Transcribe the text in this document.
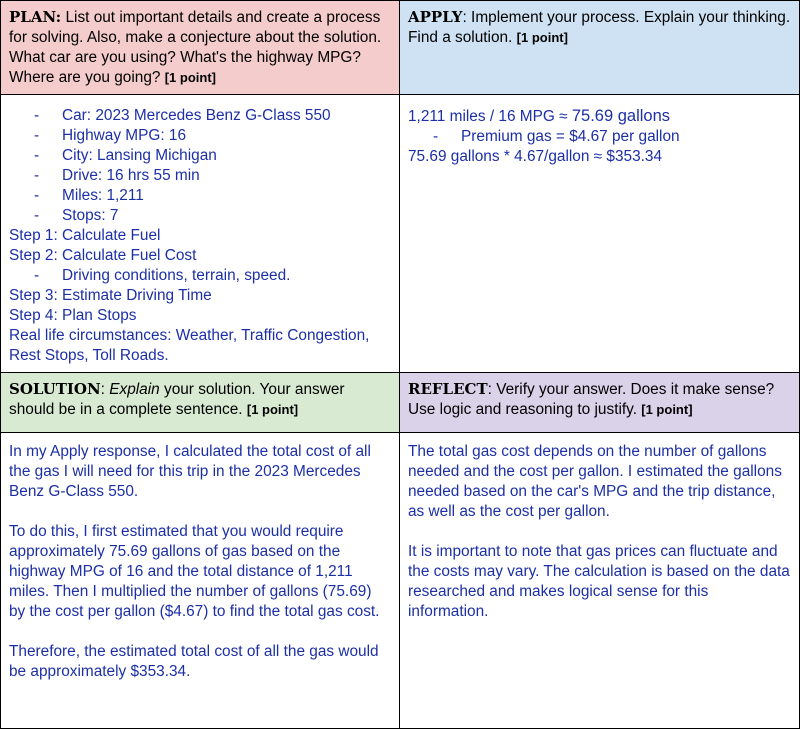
PLAN: List out important details and create a process for solving. Also, make a conjecture about the solution. What car are you using? What's the highway MPG? Where are you going? [1 point]
APPLY: Implement your process. Explain your thinking. Find a solution. [1 point]

- Car: 2023 Mercedes Benz G-Class 550

- Highway MPG: 16

- City: Lansing Michigan

- Drive: 16 hrs 55 min

- Miles: 1,211

- Stops: 7

Step 1: Calculate Fuel

Step 2: Calculate Fuel Cost

- Driving conditions, terrain, speed.

Step 3: Estimate Driving Time

Step 4: Plan Stops

Real life circumstances: Weather, Traffic Congestion, Rest Stops, Toll Roads.

1,211 miles / 16 MPG ≈ 75.69 gallons

- Premium gas = $4.67 per gallon

75.69 gallons * 4.67/gallon ≈ $353.34

SOLUTION: Explain your solution. Your answer should be in a complete sentence. [1 point]
REFLECT: Verify your answer. Does it make sense? Use logic and reasoning to justify. [1 point]

In my Apply response, I calculated the total cost of all the gas I will need for this trip in the 2023 Mercedes Benz G-Class 550.

To do this, I first estimated that you would require approximately 75.69 gallons of gas based on the highway MPG of 16 and the total distance of 1,211 miles. Then I multiplied the number of gallons (75.69) by the cost per gallon ($4.67) to find the total gas cost.

Therefore, the estimated total cost of all the gas would be approximately $353.34.

The total gas cost depends on the number of gallons needed and the cost per gallon. I estimated the gallons needed based on the car's MPG and the trip distance, as well as the cost per gallon.

It is important to note that gas prices can fluctuate and the costs may vary. The calculation is based on the data researched and makes logical sense for this information.
